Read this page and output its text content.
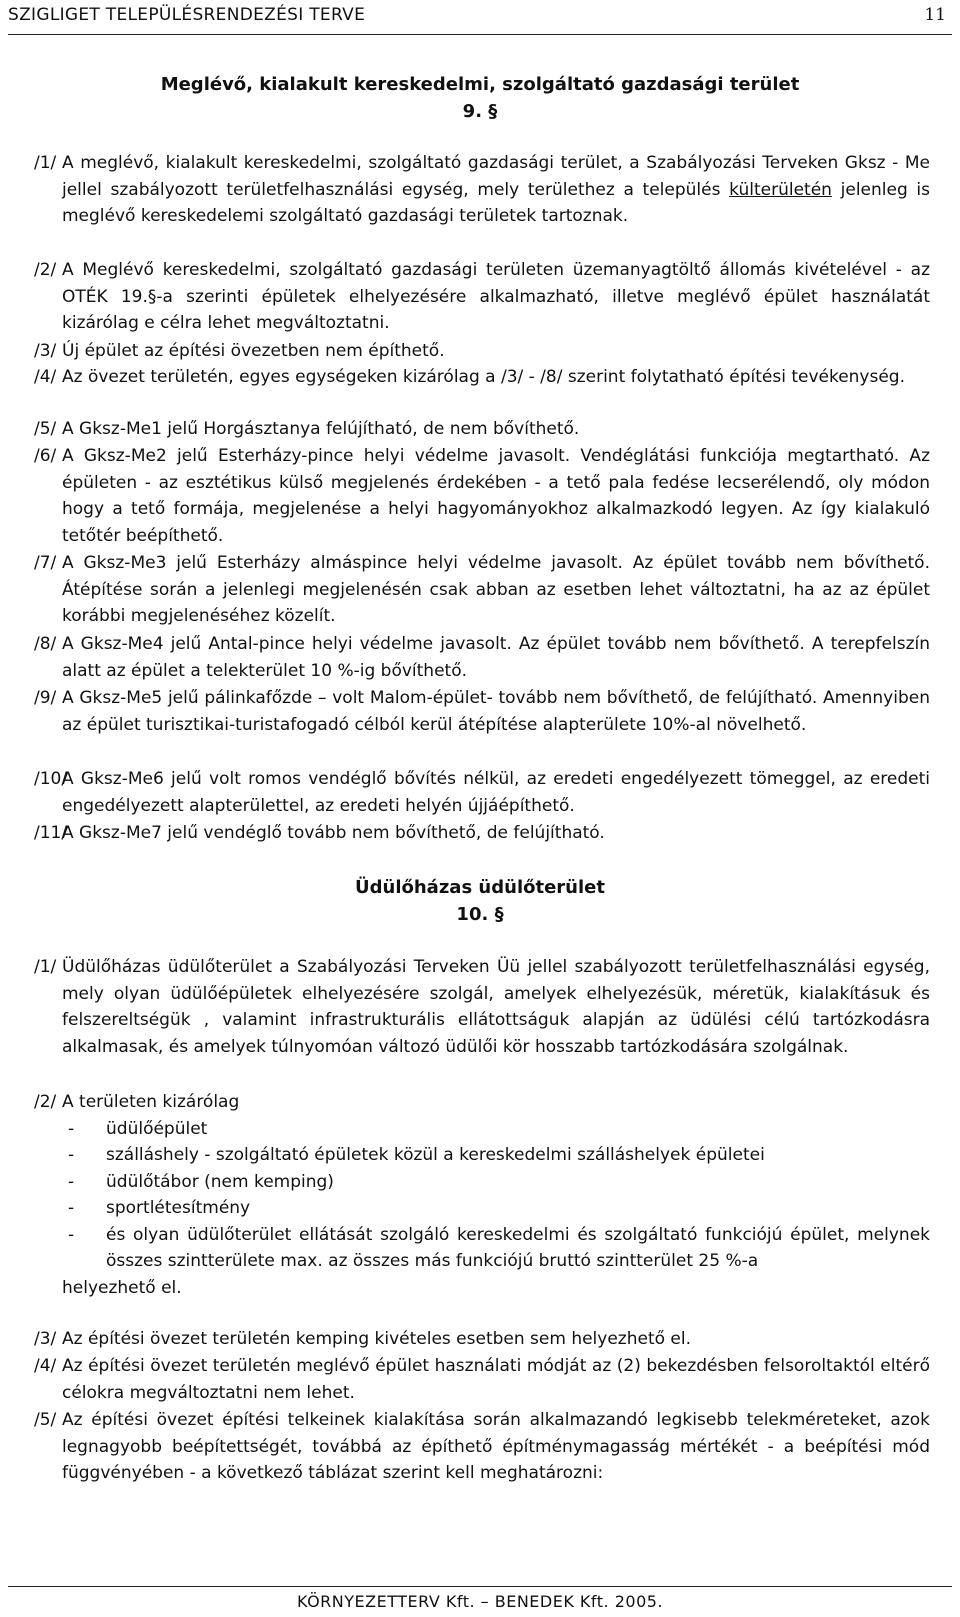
SZIGLIGET TELEPÜLÉSRENDEZÉSI TERVE	11
Meglévő, kialakult kereskedelmi, szolgáltató gazdasági terület
9. §
/1/ A meglévő, kialakult kereskedelmi, szolgáltató gazdasági terület, a Szabályozási Terveken Gksz - Me jellel szabályozott területfelhasználási egység, mely területhez a település külterületén jelenleg is meglévő kereskedelemi szolgáltató gazdasági területek tartoznak.
/2/ A Meglévő kereskedelmi, szolgáltató gazdasági területen üzemanyagtöltő állomás kivételével - az OTÉK 19.§-a szerinti épületek elhelyezésére alkalmazható, illetve meglévő épület használatát kizárólag e célra lehet megváltoztatni.
/3/ Új épület az építési övezetben nem építhető.
/4/ Az övezet területén, egyes egységeken kizárólag a /3/ - /8/ szerint folytatható építési tevékenység.
/5/ A Gksz-Me1 jelű Horgásztanya felújítható, de nem bővíthető.
/6/ A Gksz-Me2 jelű Esterházy-pince helyi védelme javasolt. Vendéglátási funkciója megtartható. Az épületen - az esztétikus külső megjelenés érdekében - a tető pala fedése lecserélendő, oly módon hogy a tető formája, megjelenése a helyi hagyományokhoz alkalmazkodó legyen. Az így kialakuló tetőtér beépíthető.
/7/ A Gksz-Me3 jelű Esterházy almáspince helyi védelme javasolt. Az épület tovább nem bővíthető. Átépítése során a jelenlegi megjelenésén csak abban az esetben lehet változtatni, ha az az épület korábbi megjelenéséhez közelít.
/8/ A Gksz-Me4 jelű Antal-pince helyi védelme javasolt. Az épület tovább nem bővíthető. A terepfelszín alatt az épület a telekterület 10 %-ig bővíthető.
/9/ A Gksz-Me5 jelű pálinkafőzde – volt Malom-épület- tovább nem bővíthető, de felújítható. Amennyiben az épület turisztikai-turistafogadó célból kerül átépítése alapterülete 10%-al növelhető.
/10/
A Gksz-Me6 jelű volt romos vendéglő bővítés nélkül, az eredeti engedélyezett tömeggel, az eredeti engedélyezett alapterülettel, az eredeti helyén újjáépíthető.
/11/
A Gksz-Me7 jelű vendéglő tovább nem bővíthető, de felújítható.
Üdülőházas üdülőterület
10. §
/1/ Üdülőházas üdülőterület a Szabályozási Terveken Üü jellel szabályozott területfelhasználási egység, mely olyan üdülőépületek elhelyezésére szolgál, amelyek elhelyezésük, méretük, kialakításuk és felszereltségük , valamint infrastrukturális ellátottságuk alapján az üdülési célú tartózkodásra alkalmasak, és amelyek túlnyomóan változó üdülői kör hosszabb tartózkodására szolgálnak.
/2/ A területen kizárólag
- üdülőépület
- szálláshely - szolgáltató épületek közül a kereskedelmi szálláshelyek épületei
- üdülőtábor (nem kemping)
- sportlétesítmény
- és olyan üdülőterület ellátását szolgáló kereskedelmi és szolgáltató funkciójú épület, melynek összes szintterülete max. az összes más funkciójú bruttó szintterület 25 %-a
helyezhető el.
/3/ Az építési övezet területén kemping kivételes esetben sem helyezhető el.
/4/ Az építési övezet területén meglévő épület használati módját az (2) bekezdésben felsoroltaktól eltérő célokra megváltoztatni nem lehet.
/5/ Az építési övezet építési telkeinek kialakítása során alkalmazandó legkisebb telekméreteket, azok legnagyobb beépítettségét, továbbá az építhető építménymagasság mértékét - a beépítési mód függvényében - a következő táblázat szerint kell meghatározni:
KÖRNYEZETTERV Kft. – BENEDEK Kft. 2005.
